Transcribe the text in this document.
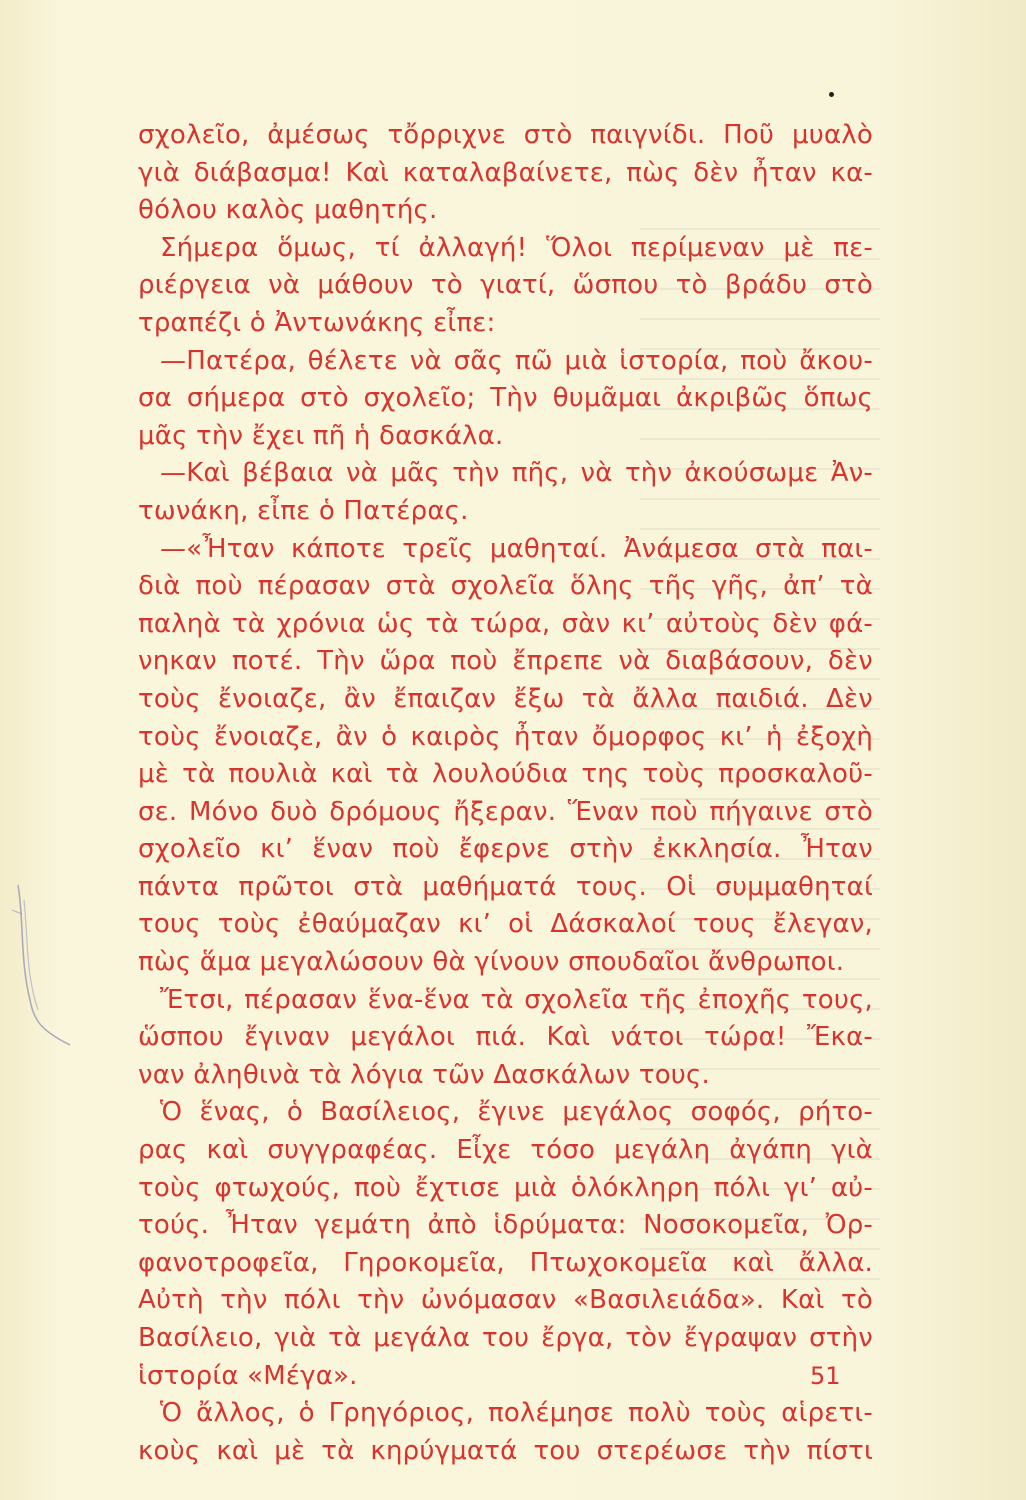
σχολεῖο, ἀμέσως τὄρριχνε στὸ παιγνίδι. Ποῦ μυαλὸ
γιὰ διάβασμα! Καὶ καταλαβαίνετε, πὼς δὲν ἦταν κα-
θόλου καλὸς μαθητής.
Σήμερα ὅμως, τί ἀλλαγή! Ὅλοι περίμεναν μὲ πε-
ριέργεια νὰ μάθουν τὸ γιατί, ὥσπου τὸ βράδυ στὸ
τραπέζι ὁ Ἀντωνάκης εἶπε:
—Πατέρα, θέλετε νὰ σᾶς πῶ μιὰ ἱστορία, ποὺ ἄκου-
σα σήμερα στὸ σχολεῖο; Τὴν θυμᾶμαι ἀκριβῶς ὅπως
μᾶς τὴν ἔχει πῆ ἡ δασκάλα.
—Καὶ βέβαια νὰ μᾶς τὴν πῆς, νὰ τὴν ἀκούσωμε Ἀν-
τωνάκη, εἶπε ὁ Πατέρας.
—«Ἦταν κάποτε τρεῖς μαθηταί. Ἀνάμεσα στὰ παι-
διὰ ποὺ πέρασαν στὰ σχολεῖα ὅλης τῆς γῆς, ἀπ’ τὰ
παληὰ τὰ χρόνια ὡς τὰ τώρα, σὰν κι’ αὐτοὺς δὲν φά-
νηκαν ποτέ. Τὴν ὥρα ποὺ ἔπρεπε νὰ διαβάσουν, δὲν
τοὺς ἔνοιαζε, ἂν ἔπαιζαν ἔξω τὰ ἄλλα παιδιά. Δὲν
τοὺς ἔνοιαζε, ἂν ὁ καιρὸς ἦταν ὄμορφος κι’ ἡ ἐξοχὴ
μὲ τὰ πουλιὰ καὶ τὰ λουλούδια της τοὺς προσκαλοῦ-
σε. Μόνο δυὸ δρόμους ἤξεραν. Ἕναν ποὺ πήγαινε στὸ
σχολεῖο κι’ ἕναν ποὺ ἔφερνε στὴν ἐκκλησία. Ἦταν
πάντα πρῶτοι στὰ μαθήματά τους. Οἱ συμμαθηταί
τους τοὺς ἐθαύμαζαν κι’ οἱ Δάσκαλοί τους ἔλεγαν,
πὼς ἅμα μεγαλώσουν θὰ γίνουν σπουδαῖοι ἄνθρωποι.
Ἔτσι, πέρασαν ἕνα-ἕνα τὰ σχολεῖα τῆς ἐποχῆς τους,
ὥσπου ἔγιναν μεγάλοι πιά. Καὶ νάτοι τώρα! Ἔκα-
ναν ἀληθινὰ τὰ λόγια τῶν Δασκάλων τους.
Ὁ ἕνας, ὁ Βασίλειος, ἔγινε μεγάλος σοφός, ρήτο-
ρας καὶ συγγραφέας. Εἶχε τόσο μεγάλη ἀγάπη γιὰ
τοὺς φτωχούς, ποὺ ἔχτισε μιὰ ὁλόκληρη πόλι γι’ αὐ-
τούς. Ἦταν γεμάτη ἀπὸ ἱδρύματα: Νοσοκομεῖα, Ὀρ-
φανοτροφεῖα, Γηροκομεῖα, Πτωχοκομεῖα καὶ ἄλλα.
Αὐτὴ τὴν πόλι τὴν ὠνόμασαν «Βασιλειάδα». Καὶ τὸ
Βασίλειο, γιὰ τὰ μεγάλα του ἔργα, τὸν ἔγραψαν στὴν
ἱστορία «Μέγα».
Ὁ ἄλλος, ὁ Γρηγόριος, πολέμησε πολὺ τοὺς αἱρετι-
κοὺς καὶ μὲ τὰ κηρύγματά του στερέωσε τὴν πίστι
51
